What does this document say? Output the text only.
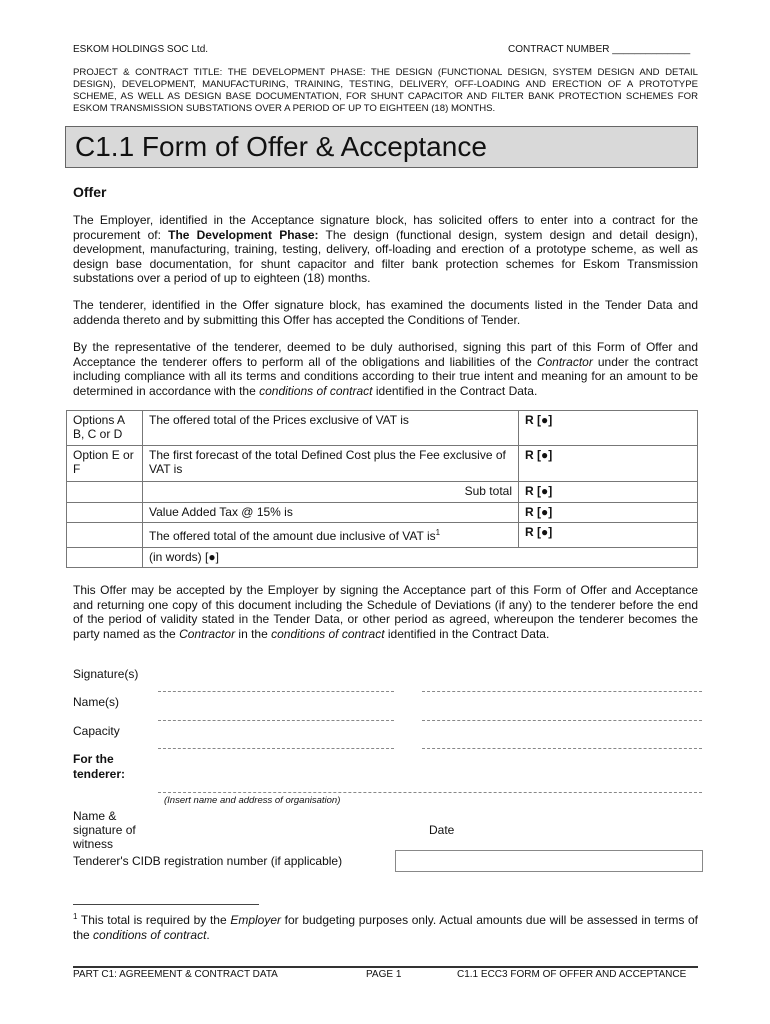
ESKOM HOLDINGS SOC Ltd.	CONTRACT NUMBER ______________
PROJECT & CONTRACT TITLE: THE DEVELOPMENT PHASE: THE DESIGN (FUNCTIONAL DESIGN, SYSTEM DESIGN AND DETAIL DESIGN), DEVELOPMENT, MANUFACTURING, TRAINING, TESTING, DELIVERY, OFF-LOADING AND ERECTION OF A PROTOTYPE SCHEME, AS WELL AS DESIGN BASE DOCUMENTATION, FOR SHUNT CAPACITOR AND FILTER BANK PROTECTION SCHEMES FOR ESKOM TRANSMISSION SUBSTATIONS OVER A PERIOD OF UP TO EIGHTEEN (18) MONTHS.
C1.1 Form of Offer & Acceptance
Offer
The Employer, identified in the Acceptance signature block, has solicited offers to enter into a contract for the procurement of: The Development Phase: The design (functional design, system design and detail design), development, manufacturing, training, testing, delivery, off-loading and erection of a prototype scheme, as well as design base documentation, for shunt capacitor and filter bank protection schemes for Eskom Transmission substations over a period of up to eighteen (18) months.
The tenderer, identified in the Offer signature block, has examined the documents listed in the Tender Data and addenda thereto and by submitting this Offer has accepted the Conditions of Tender.
By the representative of the tenderer, deemed to be duly authorised, signing this part of this Form of Offer and Acceptance the tenderer offers to perform all of the obligations and liabilities of the Contractor under the contract including compliance with all its terms and conditions according to their true intent and meaning for an amount to be determined in accordance with the conditions of contract identified in the Contract Data.
Options A B, C or D	The offered total of the Prices exclusive of VAT is	R [●]
Option E or F	The first forecast of the total Defined Cost plus the Fee exclusive of VAT is	R [●]
	Sub total	R [●]
	Value Added Tax @ 15% is	R [●]
	The offered total of the amount due inclusive of VAT $is^1$	R [●]
	(in words) [●]	
This Offer may be accepted by the Employer by signing the Acceptance part of this Form of Offer and Acceptance and returning one copy of this document including the Schedule of Deviations (if any) to the tenderer before the end of the period of validity stated in the Tender Data, or other period as agreed, whereupon the tenderer becomes the party named as the Contractor in the conditions of contract identified in the Contract Data.
Signature(s)
Name(s)
Capacity
For the
tenderer:
(Insert name and address of organisation)
Name &
signature of
witness
Date
Tenderer's CIDB registration number (if applicable)
$^1$ This total is required by the Employer for budgeting purposes only. Actual amounts due will be assessed in terms of the conditions of contract.
PART C1: AGREEMENT & CONTRACT DATA	PAGE 1	C1.1 ECC3 FORM OF OFFER AND ACCEPTANCE
